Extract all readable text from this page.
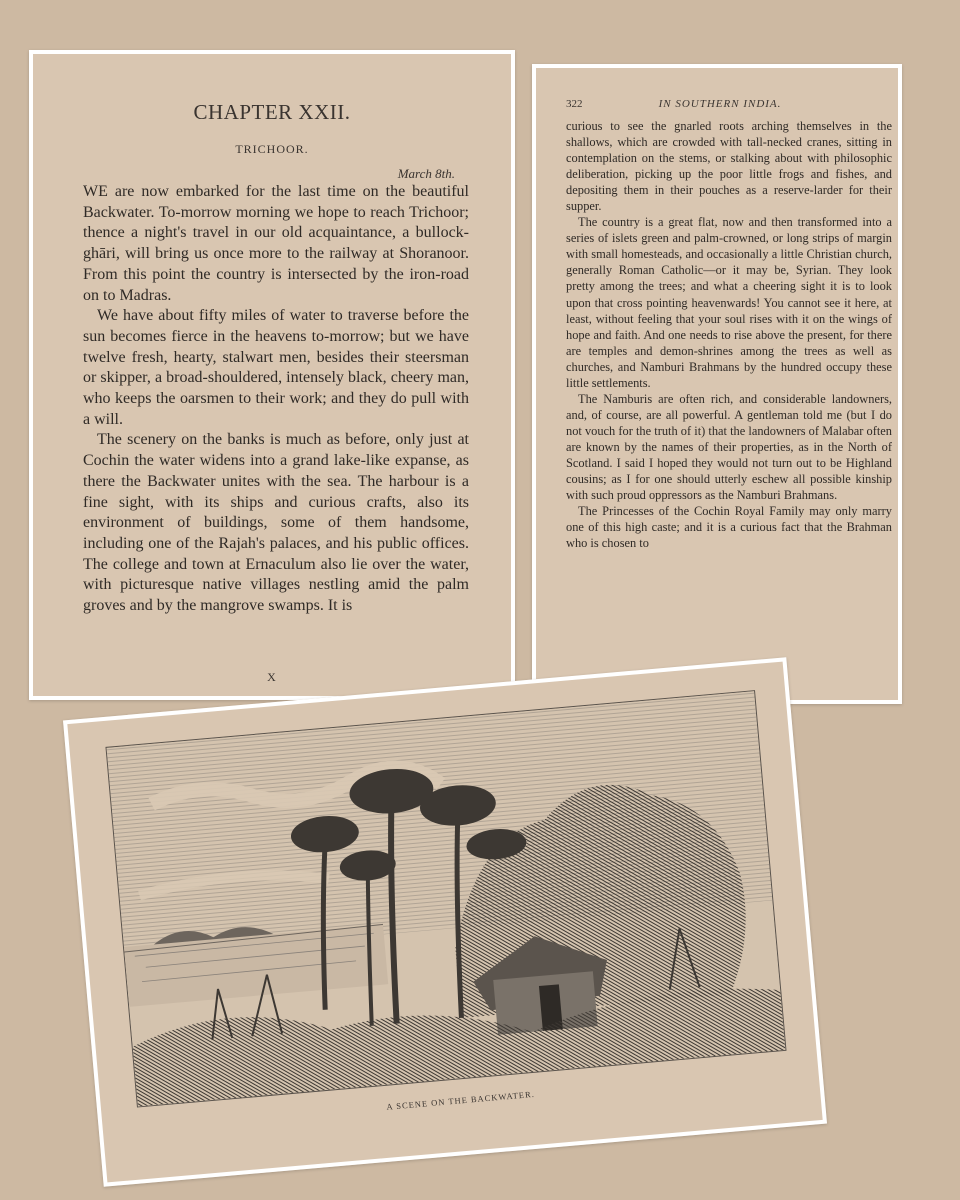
CHAPTER XXII.
TRICHOOR.
March 8th.

WE are now embarked for the last time on the beautiful Backwater. To-morrow morning we hope to reach Trichoor; thence a night's travel in our old acquaintance, a bullock-ghāri, will bring us once more to the railway at Shoranoor. From this point the country is intersected by the iron-road on to Madras.

We have about fifty miles of water to traverse before the sun becomes fierce in the heavens to-morrow; but we have twelve fresh, hearty, stalwart men, besides their steersman or skipper, a broad-shouldered, intensely black, cheery man, who keeps the oarsmen to their work; and they do pull with a will.

The scenery on the banks is much as before, only just at Cochin the water widens into a grand lake-like expanse, as there the Backwater unites with the sea. The harbour is a fine sight, with its ships and curious crafts, also its environment of buildings, some of them handsome, including one of the Rajah's palaces, and his public offices. The college and town at Ernaculum also lie over the water, with picturesque native villages nestling amid the palm groves and by the mangrove swamps. It is

X
322	IN SOUTHERN INDIA.

curious to see the gnarled roots arching themselves in the shallows, which are crowded with tall-necked cranes, sitting in contemplation on the stems, or stalking about with philosophic deliberation, picking up the poor little frogs and fishes, and depositing them in their pouches as a reserve-larder for their supper.

The country is a great flat, now and then transformed into a series of islets green and palm-crowned, or long strips of margin with small homesteads, and occasionally a little Christian church, generally Roman Catholic—or it may be, Syrian. They look pretty among the trees; and what a cheering sight it is to look upon that cross pointing heavenwards! You cannot see it here, at least, without feeling that your soul rises with it on the wings of hope and faith. And one needs to rise above the present, for there are temples and demon-shrines among the trees as well as churches, and Namburi Brahmans by the hundred occupy these little settlements.

The Namburis are often rich, and considerable landowners, and, of course, are all powerful. A gentleman told me (but I do not vouch for the truth of it) that the landowners of Malabar often are known by the names of their properties, as in the North of Scotland. I said I hoped they would not turn out to be Highland cousins; as I for one should utterly eschew all possible kinship with such proud oppressors as the Namburi Brahmans.

The Princesses of the Cochin Royal Family may only marry one of this high caste; and it is a curious fact that the Brahman who is chosen to

A SCENE ON THE BACKWATER.
